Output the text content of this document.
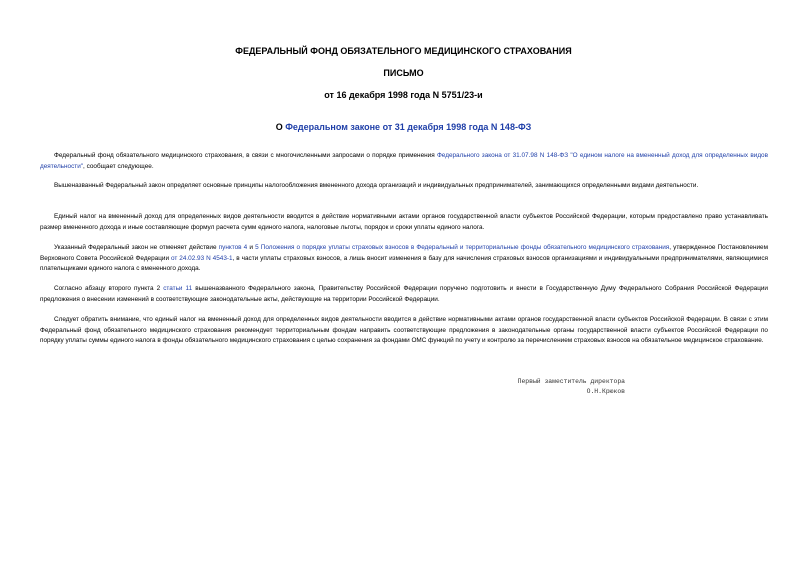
ФЕДЕРАЛЬНЫЙ ФОНД ОБЯЗАТЕЛЬНОГО МЕДИЦИНСКОГО СТРАХОВАНИЯ
ПИСЬМО
от 16 декабря 1998 года N 5751/23-и
О Федеральном законе от 31 декабря 1998 года N 148-ФЗ
Федеральный фонд обязательного медицинского страхования, в связи с многочисленными запросами о порядке применения Федерального закона от 31.07.98 N 148-ФЗ "О едином налоге на вмененный доход для определенных видов деятельности", сообщает следующее.
Вышеназванный Федеральный закон определяет основные принципы налогообложения вмененного дохода организаций и индивидуальных предпринимателей, занимающихся определенными видами деятельности.
Единый налог на вмененный доход для определенных видов деятельности вводится в действие нормативными актами органов государственной власти субъектов Российской Федерации, которым предоставлено право устанавливать размер вмененного дохода и иные составляющие формул расчета сумм единого налога, налоговые льготы, порядок и сроки уплаты единого налога.
Указанный Федеральный закон не отменяет действие пунктов 4 и 5 Положения о порядке уплаты страховых взносов в Федеральный и территориальные фонды обязательного медицинского страхования, утвержденное Постановлением Верховного Совета Российской Федерации от 24.02.93 N 4543-1, в части уплаты страховых взносов, а лишь вносит изменения в базу для начисления страховых взносов организациями и индивидуальными предпринимателями, являющимися плательщиками единого налога с вмененного дохода.
Согласно абзацу второго пункта 2 статьи 11 вышеназванного Федерального закона, Правительству Российской Федерации поручено подготовить и внести в Государственную Думу Федерального Собрания Российской Федерации предложения о внесении изменений в соответствующие законодательные акты, действующие на территории Российской Федерации.
Следует обратить внимание, что единый налог на вмененный доход для определенных видов деятельности вводится в действие нормативными актами органов государственной власти субъектов Российской Федерации. В связи с этим Федеральный фонд обязательного медицинского страхования рекомендует территориальным фондам направить соответствующие предложения в законодательные органы государственной власти субъектов Российской Федерации по порядку уплаты суммы единого налога в фонды обязательного медицинского страхования с целью сохранения за фондами ОМС функций по учету и контролю за перечислением страховых взносов на обязательное медицинское страхование.
Первый заместитель директора
О.Н.Крюков
